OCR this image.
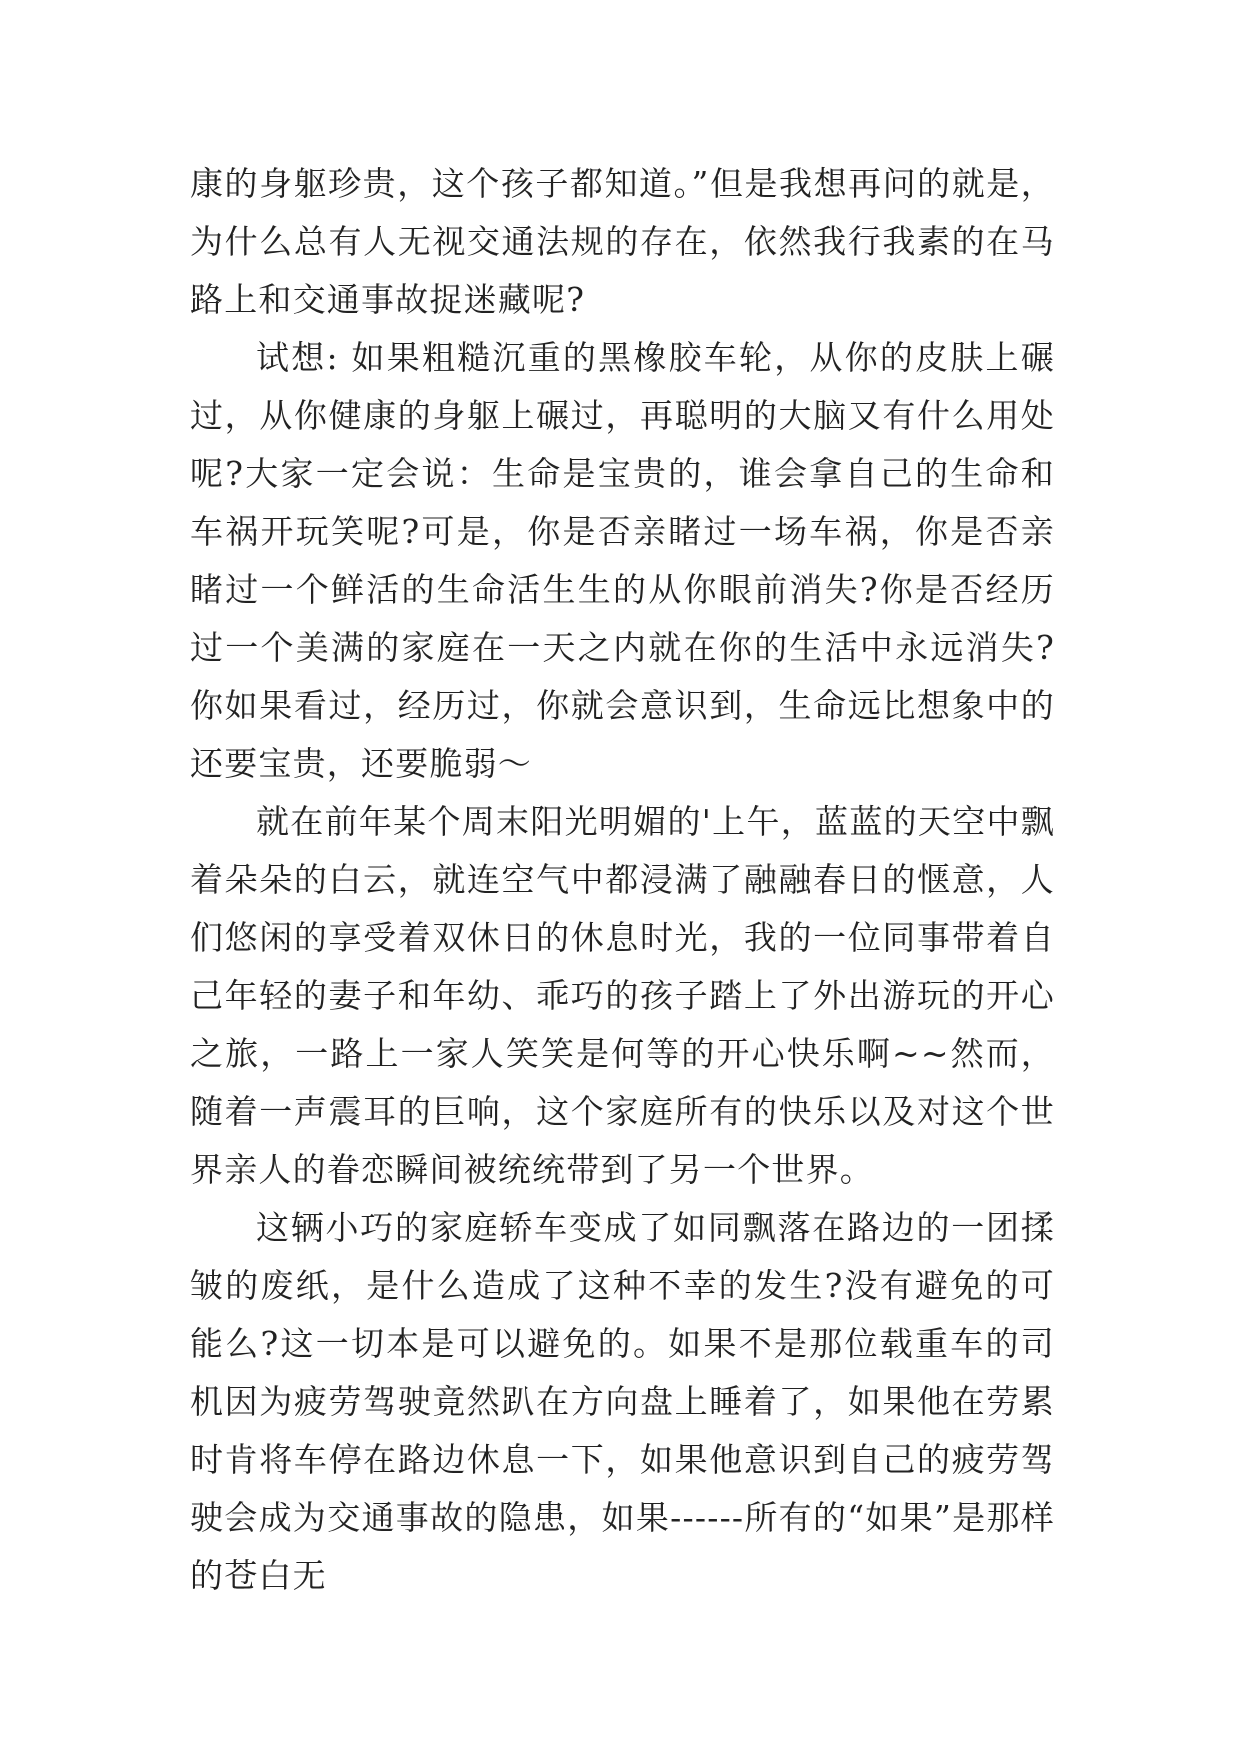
康的身躯珍贵，这个孩子都知道。”但是我想再问的就是，为什么总有人无视交通法规的存在，依然我行我素的在马路上和交通事故捉迷藏呢?

试想: 如果粗糙沉重的黑橡胶车轮，从你的皮肤上碾过，从你健康的身躯上碾过，再聪明的大脑又有什么用处呢?大家一定会说：生命是宝贵的，谁会拿自己的生命和车祸开玩笑呢?可是，你是否亲睹过一场车祸，你是否亲睹过一个鲜活的生命活生生的从你眼前消失?你是否经历过一个美满的家庭在一天之内就在你的生活中永远消失?你如果看过，经历过，你就会意识到，生命远比想象中的还要宝贵，还要脆弱～

就在前年某个周末阳光明媚的'上午，蓝蓝的天空中飘着朵朵的白云，就连空气中都浸满了融融春日的惬意，人们悠闲的享受着双休日的休息时光，我的一位同事带着自己年轻的妻子和年幼、乖巧的孩子踏上了外出游玩的开心之旅，一路上一家人笑笑是何等的开心快乐啊~~然而，随着一声震耳的巨响，这个家庭所有的快乐以及对这个世界亲人的眷恋瞬间被统统带到了另一个世界。

这辆小巧的家庭轿车变成了如同飘落在路边的一团揉皱的废纸，是什么造成了这种不幸的发生?没有避免的可能么?这一切本是可以避免的。如果不是那位载重车的司机因为疲劳驾驶竟然趴在方向盘上睡着了，如果他在劳累时肯将车停在路边休息一下，如果他意识到自己的疲劳驾驶会成为交通事故的隐患，如果------所有的“如果”是那样的苍白无
